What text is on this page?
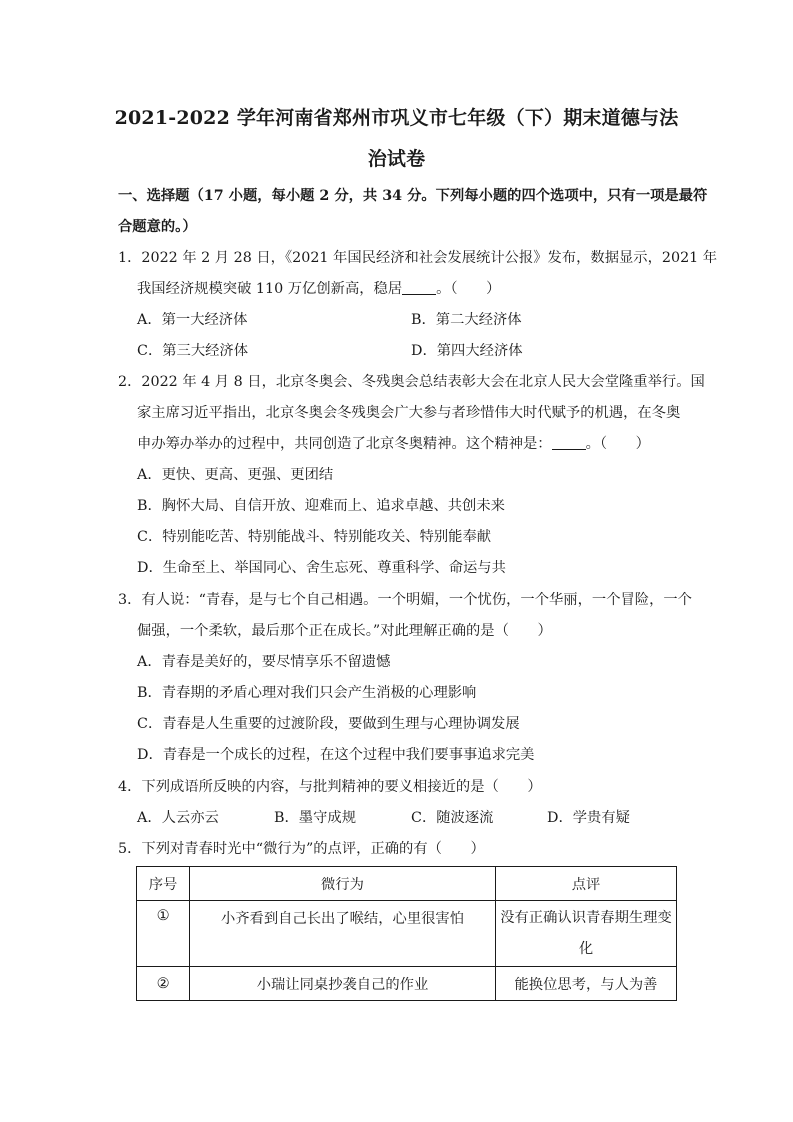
2021-2022 学年河南省郑州市巩义市七年级（下）期末道德与法
治试卷
一、选择题（17 小题，每小题 2 分，共 34 分。下列每小题的四个选项中，只有一项是最符
合题意的。）
1．2022 年 2 月 28 日，《2021 年国民经济和社会发展统计公报》发布，数据显示，2021 年
我国经济规模突破 110 万亿创新高，稳居 。（　　）
A．第一大经济体	B．第二大经济体
C．第三大经济体	D．第四大经济体
2．2022 年 4 月 8 日，北京冬奥会、冬残奥会总结表彰大会在北京人民大会堂隆重举行。国
家主席习近平指出，北京冬奥会冬残奥会广大参与者珍惜伟大时代赋予的机遇，在冬奥
申办筹办举办的过程中，共同创造了北京冬奥精神。这个精神是： 。（　　）
A．更快、更高、更强、更团结
B．胸怀大局、自信开放、迎难而上、追求卓越、共创未来
C．特别能吃苦、特别能战斗、特别能攻关、特别能奉献
D．生命至上、举国同心、舍生忘死、尊重科学、命运与共
3．有人说：“青春，是与七个自己相遇。一个明媚，一个忧伤，一个华丽，一个冒险，一个
倔强，一个柔软，最后那个正在成长。”对此理解正确的是（　　）
A．青春是美好的，要尽情享乐不留遗憾
B．青春期的矛盾心理对我们只会产生消极的心理影响
C．青春是人生重要的过渡阶段，要做到生理与心理协调发展
D．青春是一个成长的过程，在这个过程中我们要事事追求完美
4．下列成语所反映的内容，与批判精神的要义相接近的是（　　）
A．人云亦云	B．墨守成规	C．随波逐流	D．学贵有疑
5．下列对青春时光中“微行为”的点评，正确的有（　　）
序号	微行为	点评
①	小齐看到自己长出了喉结，心里很害怕	没有正确认识青春期生理变
化

②	小瑞让同桌抄袭自己的作业	能换位思考，与人为善
